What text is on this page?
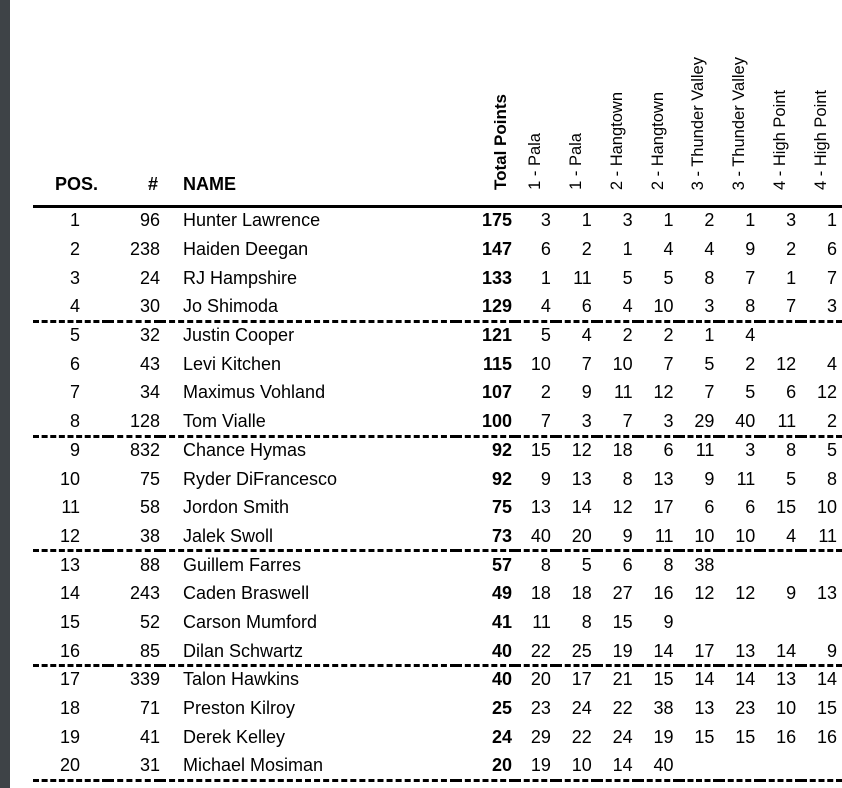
POS.	#	NAME	Total Points	1 - Pala	1 - Pala	2 - Hangtown	2 - Hangtown	3 - Thunder Valley	3 - Thunder Valley	4 - High Point	4 - High Point
1	96	Hunter Lawrence	175	3	1	3	1	2	1	3	1
2	238	Haiden Deegan	147	6	2	1	4	4	9	2	6
3	24	RJ Hampshire	133	1	11	5	5	8	7	1	7
4	30	Jo Shimoda	129	4	6	4	10	3	8	7	3
5	32	Justin Cooper	121	5	4	2	2	1	4		
6	43	Levi Kitchen	115	10	7	10	7	5	2	12	4
7	34	Maximus Vohland	107	2	9	11	12	7	5	6	12
8	128	Tom Vialle	100	7	3	7	3	29	40	11	2
9	832	Chance Hymas	92	15	12	18	6	11	3	8	5
10	75	Ryder DiFrancesco	92	9	13	8	13	9	11	5	8
11	58	Jordon Smith	75	13	14	12	17	6	6	15	10
12	38	Jalek Swoll	73	40	20	9	11	10	10	4	11
13	88	Guillem Farres	57	8	5	6	8	38			
14	243	Caden Braswell	49	18	18	27	16	12	12	9	13
15	52	Carson Mumford	41	11	8	15	9				
16	85	Dilan Schwartz	40	22	25	19	14	17	13	14	9
17	339	Talon Hawkins	40	20	17	21	15	14	14	13	14
18	71	Preston Kilroy	25	23	24	22	38	13	23	10	15
19	41	Derek Kelley	24	29	22	24	19	15	15	16	16
20	31	Michael Mosiman	20	19	10	14	40				
